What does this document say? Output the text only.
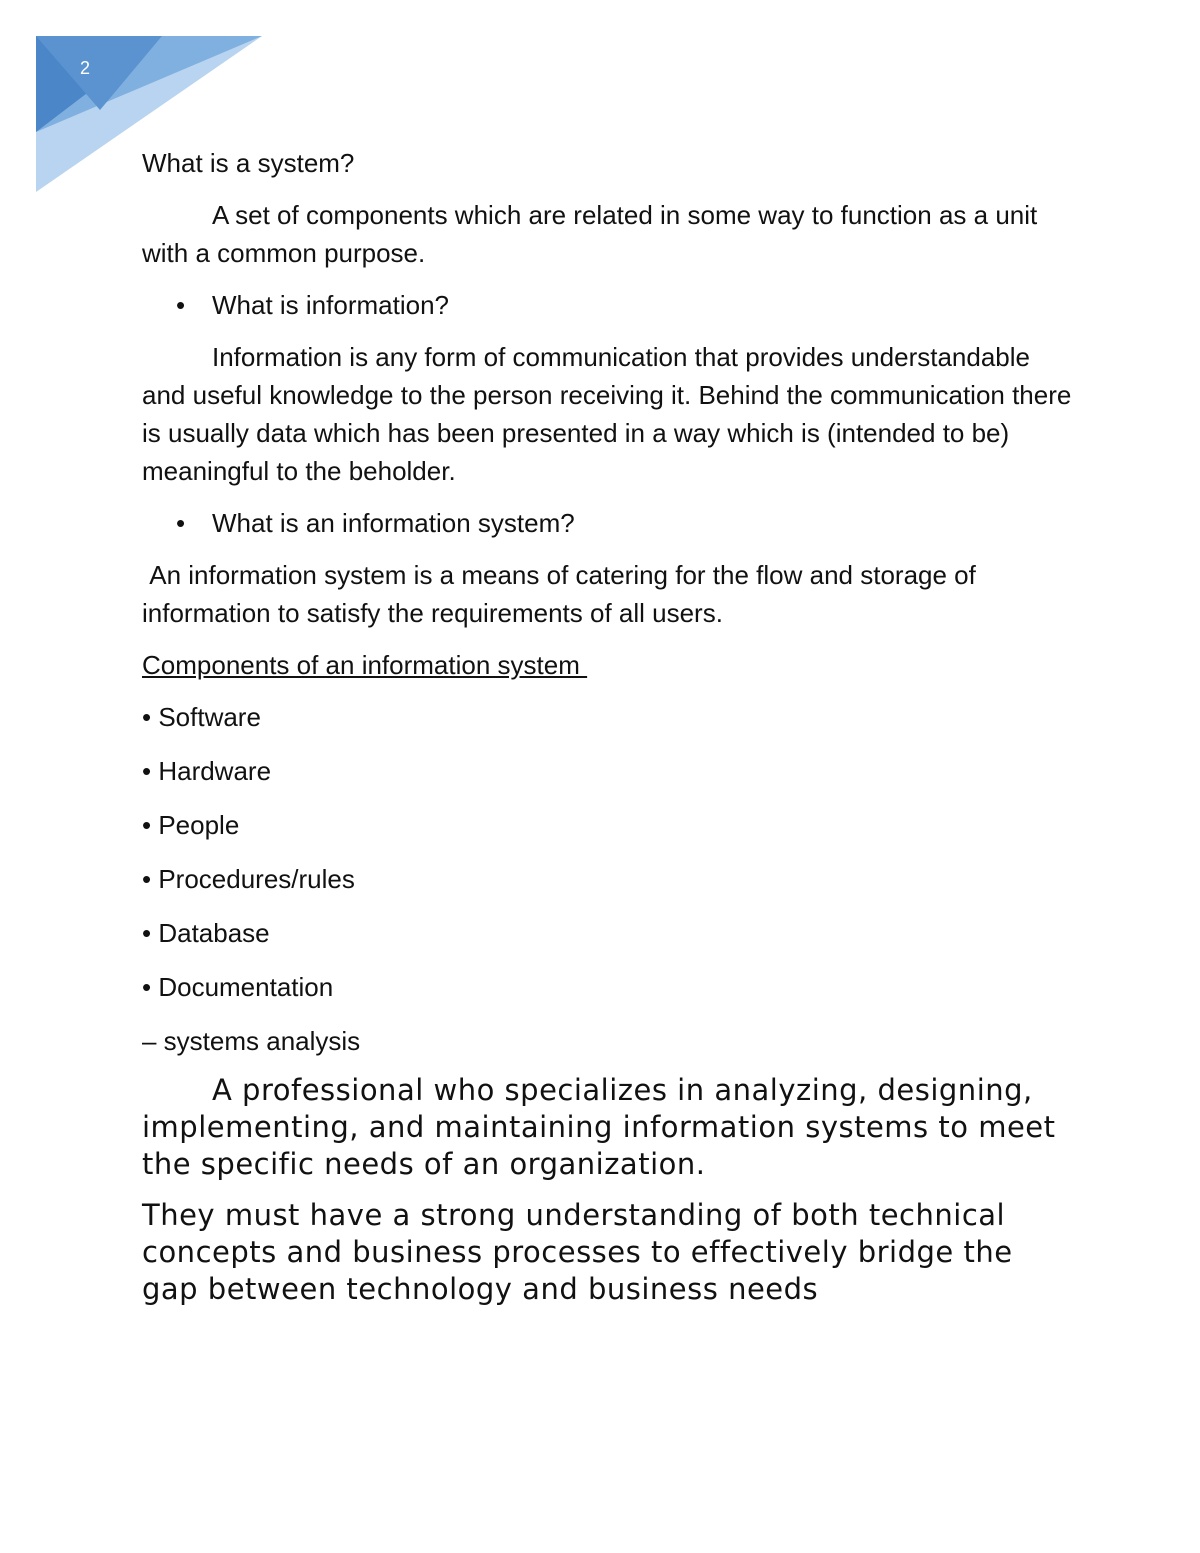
2

What is a system?

A set of components which are related in some way to function as a unit with a common purpose.

• What is information?

Information is any form of communication that provides understandable and useful knowledge to the person receiving it. Behind the communication there is usually data which has been presented in a way which is (intended to be) meaningful to the beholder.

• What is an information system?

An information system is a means of catering for the flow and storage of information to satisfy the requirements of all users.

Components of an information system

• Software

• Hardware

• People

• Procedures/rules

• Database

• Documentation

– systems analysis

A professional who specializes in analyzing, designing, implementing, and maintaining information systems to meet the specific needs of an organization.

They must have a strong understanding of both technical concepts and business processes to effectively bridge the gap between technology and business needs
